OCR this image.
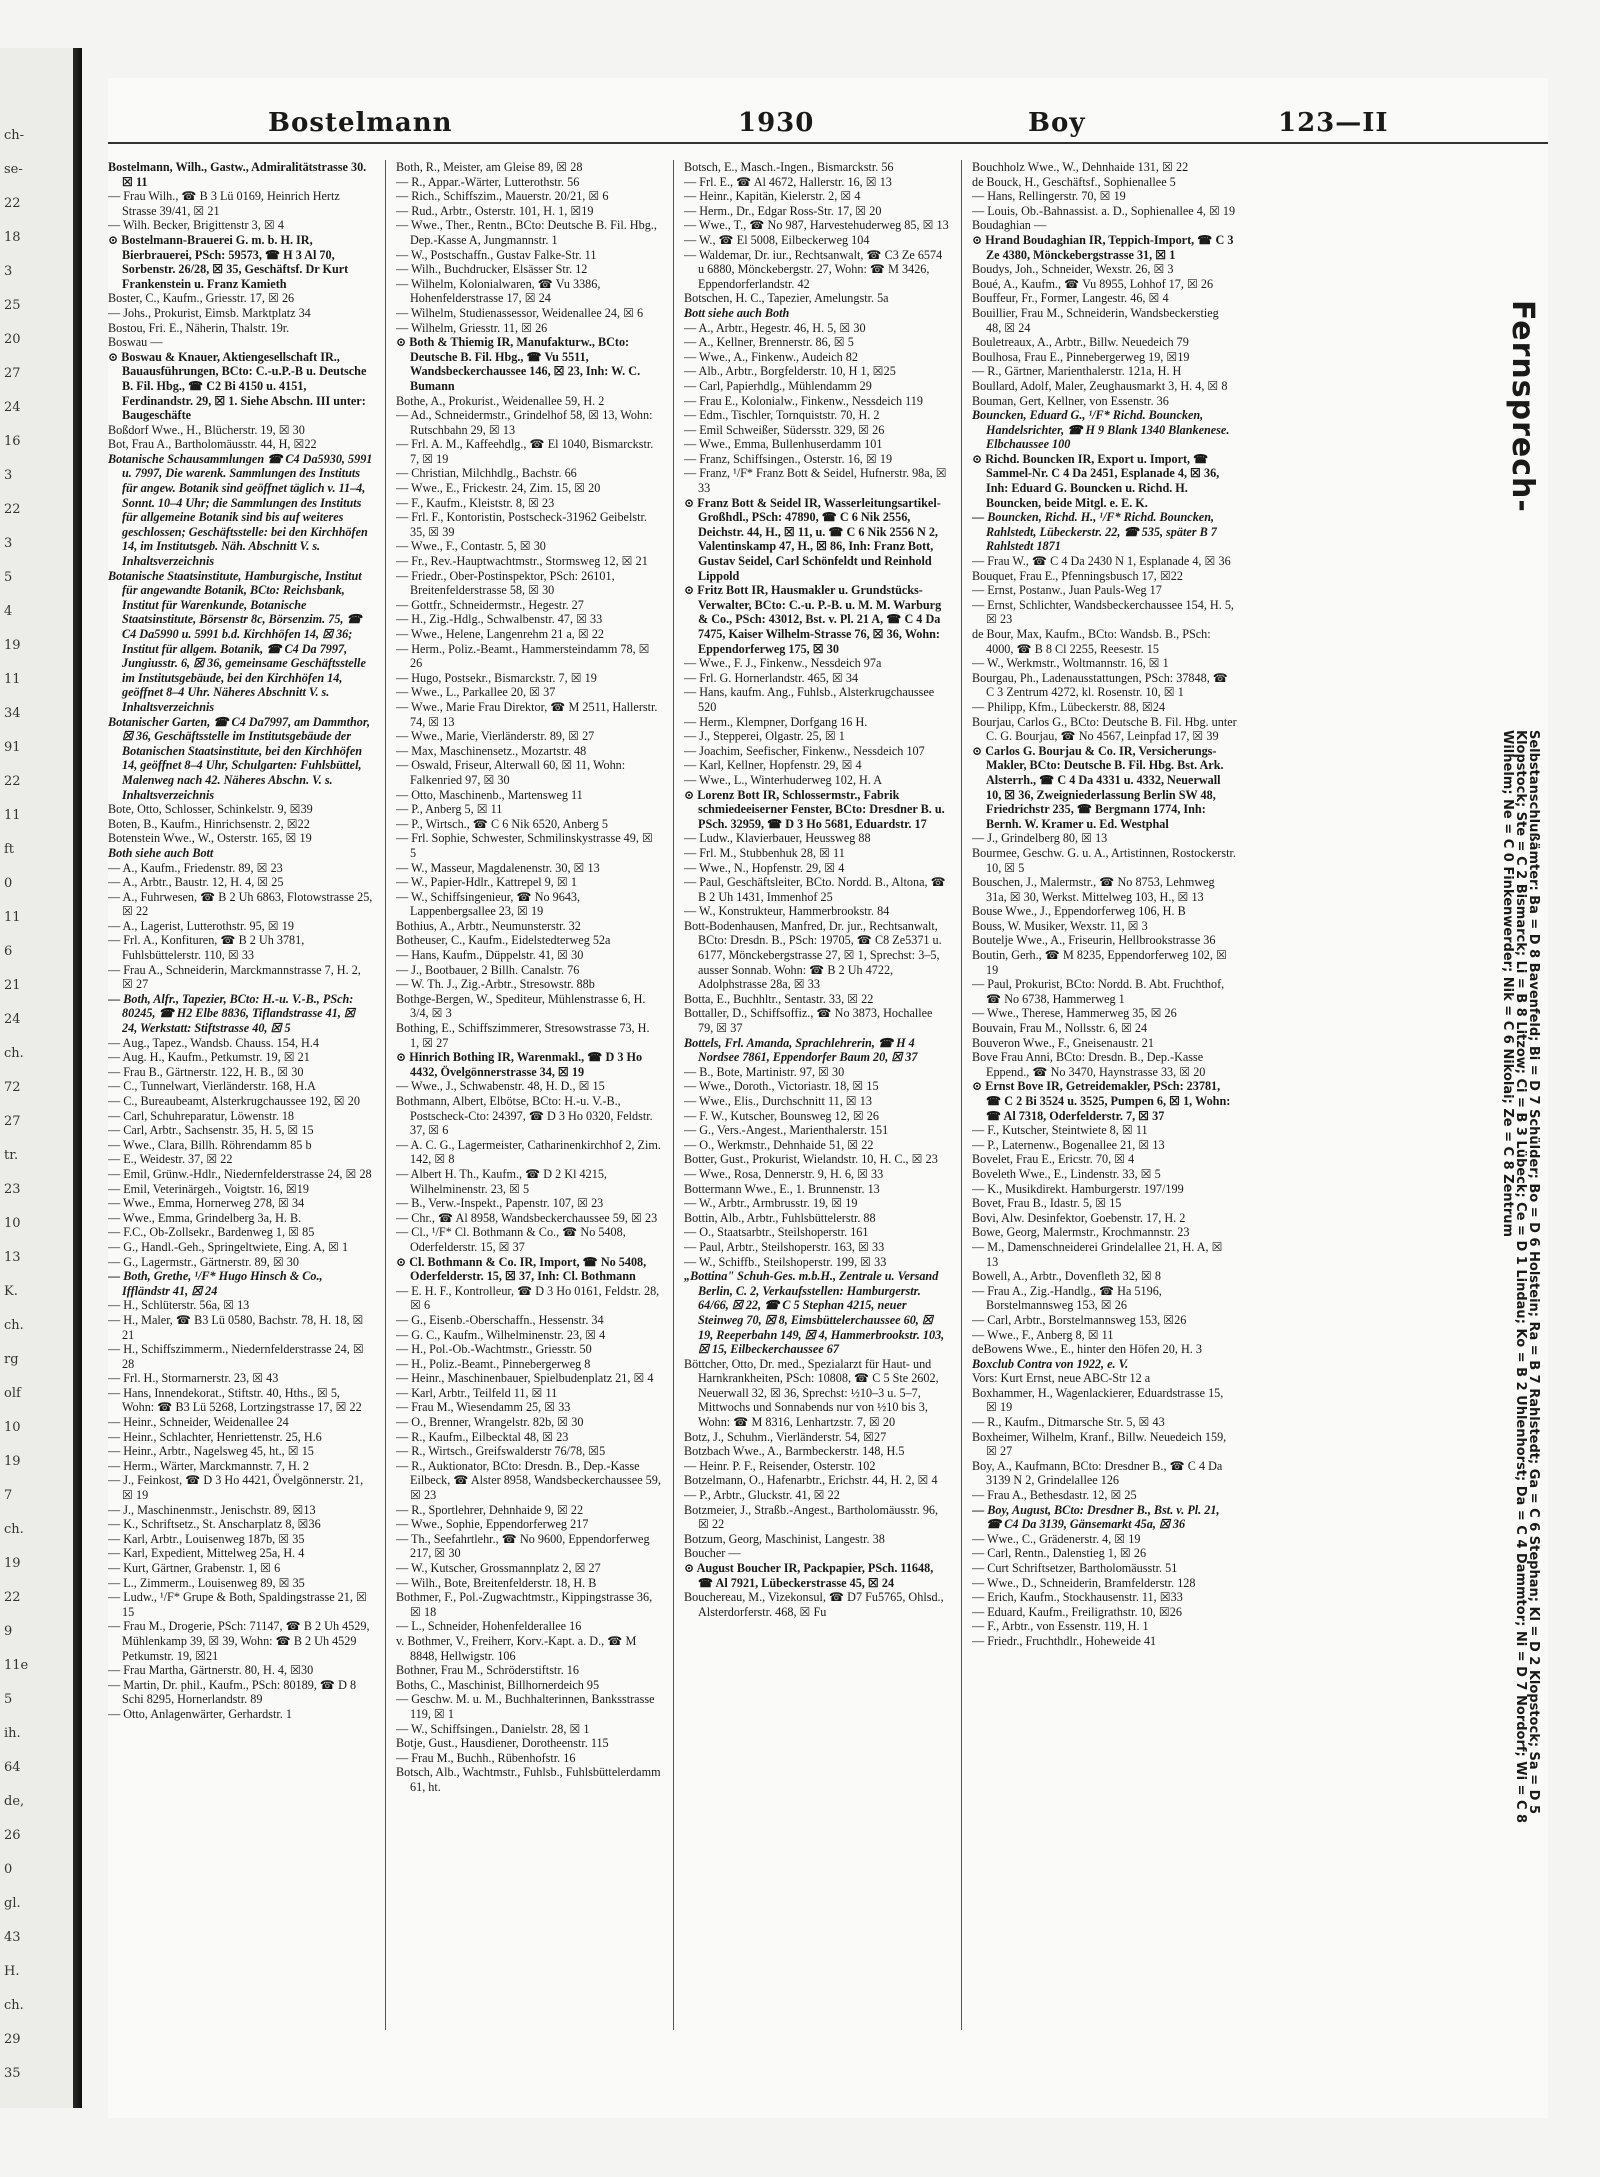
ch-
se-
22
18
3
25
20
27
24
16
3
22
3
5
4
19
11
34
91
22
11
ft
0
11
6
21
24
ch.
72
27
tr.
23
10
13
K.
ch.
rg
olf
10
19
7
ch.
19
22
9
11e
5
ih.
64
de,
26
0
gl.
43
H.
ch.
29
35
Bostelmann	1930	Boy	123—II

Bostelmann, Wilh., Gastw., Admiralitätstrasse 30. ☒ 11

— Frau Wilh., ☎ B 3 Lü 0169, Heinrich Hertz Strasse 39/41, ☒ 21

— Wilh. Becker, Brigittenstr 3, ☒ 4

⊙ Bostelmann-Brauerei G. m. b. H. IR, Bierbrauerei, PSch: 59573, ☎ H 3 Al 70, Sorbenstr. 26/28, ☒ 35, Geschäftsf. Dr Kurt Frankenstein u. Franz Kamieth

Boster, C., Kaufm., Griesstr. 17, ☒ 26

— Johs., Prokurist, Eimsb. Marktplatz 34

Bostou, Fri. E., Näherin, Thalstr. 19r.

Boswau —

⊙ Boswau & Knauer, Aktiengesellschaft IR., Bauausführungen, BCto: C.-u.P.-B u. Deutsche B. Fil. Hbg., ☎ C2 Bi 4150 u. 4151, Ferdinandstr. 29, ☒ 1. Siehe Abschn. III unter: Baugeschäfte

Boßdorf Wwe., H., Blücherstr. 19, ☒ 30

Bot, Frau A., Bartholomäusstr. 44, H, ☒22

Botanische Schausammlungen ☎ C4 Da5930, 5991 u. 7997, Die warenk. Sammlungen des Instituts für angew. Botanik sind geöffnet täglich v. 11–4, Sonnt. 10–4 Uhr; die Sammlungen des Instituts für allgemeine Botanik sind bis auf weiteres geschlossen; Geschäftsstelle: bei den Kirchhöfen 14, im Institutsgeb. Näh. Abschnitt V. s. Inhaltsverzeichnis

Botanische Staatsinstitute, Hamburgische, Institut für angewandte Botanik, BCto: Reichsbank, Institut für Warenkunde, Botanische Staatsinstitute, Börsenstr 8c, Börsenzim. 75, ☎ C4 Da5990 u. 5991 b.d. Kirchhöfen 14, ☒ 36; Institut für allgem. Botanik, ☎ C4 Da 7997, Jungiusstr. 6, ☒ 36, gemeinsame Geschäftsstelle im Institutsgebäude, bei den Kirchhöfen 14, geöffnet 8–4 Uhr. Näheres Abschnitt V. s. Inhaltsverzeichnis

Botanischer Garten, ☎ C4 Da7997, am Dammthor, ☒ 36, Geschäftsstelle im Institutsgebäude der Botanischen Staatsinstitute, bei den Kirchhöfen 14, geöffnet 8–4 Uhr, Schulgarten: Fuhlsbüttel, Malenweg nach 42. Näheres Abschn. V. s. Inhaltsverzeichnis

Bote, Otto, Schlosser, Schinkelstr. 9, ☒39

Boten, B., Kaufm., Hinrichsenstr. 2, ☒22

Botenstein Wwe., W., Osterstr. 165, ☒ 19

Both siehe auch Bott

— A., Kaufm., Friedenstr. 89, ☒ 23

— A., Arbtr., Baustr. 12, H. 4, ☒ 25

— A., Fuhrwesen, ☎ B 2 Uh 6863, Flotowstrasse 25, ☒ 22

— A., Lagerist, Lutterothstr. 95, ☒ 19

— Frl. A., Konfituren, ☎ B 2 Uh 3781, Fuhlsbüttelerstr. 110, ☒ 33

— Frau A., Schneiderin, Marckmannstrasse 7, H. 2, ☒ 27

— Both, Alfr., Tapezier, BCto: H.-u. V.-B., PSch: 80245, ☎ H2 Elbe 8836, Tiflandstrasse 41, ☒ 24, Werkstatt: Stiftstrasse 40, ☒ 5

— Aug., Tapez., Wandsb. Chauss. 154, H.4

— Aug. H., Kaufm., Petkumstr. 19, ☒ 21

— Frau B., Gärtnerstr. 122, H. B., ☒ 30

— C., Tunnelwart, Vierländerstr. 168, H.A

— C., Bureaubeamt, Alsterkrugchaussee 192, ☒ 20

— Carl, Schuhreparatur, Löwenstr. 18

— Carl, Arbtr., Sachsenstr. 35, H. 5, ☒ 15

— Wwe., Clara, Billh. Röhrendamm 85 b

— E., Weidestr. 37, ☒ 22

— Emil, Grünw.-Hdlr., Niedernfelderstrasse 24, ☒ 28

— Emil, Veterinärgeh., Voigtstr. 16, ☒19

— Wwe., Emma, Hornerweg 278, ☒ 34

— Wwe., Emma, Grindelberg 3a, H. B.

— F.C., Ob-Zollsekr., Bardenweg 1, ☒ 85

— G., Handl.-Geh., Springeltwiete, Eing. A, ☒ 1

— G., Lagermstr., Gärtnerstr. 89, ☒ 30

— Both, Grethe, ¹/F* Hugo Hinsch & Co., Iffländstr 41, ☒ 24

— H., Schlüterstr. 56a, ☒ 13

— H., Maler, ☎ B3 Lü 0580, Bachstr. 78, H. 18, ☒ 21

— H., Schiffszimmerm., Niedernfelderstrasse 24, ☒ 28

— Frl. H., Stormarnerstr. 23, ☒ 43

— Hans, Innendekorat., Stiftstr. 40, Hths., ☒ 5, Wohn: ☎ B3 Lü 5268, Lortzingstrasse 17, ☒ 22

— Heinr., Schneider, Weidenallee 24

— Heinr., Schlachter, Henriettenstr. 25, H.6

— Heinr., Arbtr., Nagelsweg 45, ht., ☒ 15

— Herm., Wärter, Marckmannstr. 7, H. 2

— J., Feinkost, ☎ D 3 Ho 4421, Övelgönnerstr. 21, ☒ 19

— J., Maschinenmstr., Jenischstr. 89, ☒13

— K., Schriftsetz., St. Anscharplatz 8, ☒36

— Karl, Arbtr., Louisenweg 187b, ☒ 35

— Karl, Expedient, Mittelweg 25a, H. 4

— Kurt, Gärtner, Grabenstr. 1, ☒ 6

— L., Zimmerm., Louisenweg 89, ☒ 35

— Ludw., ¹/F* Grupe & Both, Spaldingstrasse 21, ☒ 15

— Frau M., Drogerie, PSch: 71147, ☎ B 2 Uh 4529, Mühlenkamp 39, ☒ 39, Wohn: ☎ B 2 Uh 4529 Petkumstr. 19, ☒21

— Frau Martha, Gärtnerstr. 80, H. 4, ☒30

— Martin, Dr. phil., Kaufm., PSch: 80189, ☎ D 8 Schi 8295, Hornerlandstr. 89

— Otto, Anlagenwärter, Gerhardstr. 1

Both, R., Meister, am Gleise 89, ☒ 28

— R., Appar.-Wärter, Lutterothstr. 56

— Rich., Schiffszim., Mauerstr. 20/21, ☒ 6

— Rud., Arbtr., Osterstr. 101, H. 1, ☒19

— Wwe., Ther., Rentn., BCto: Deutsche B. Fil. Hbg., Dep.-Kasse A, Jungmannstr. 1

— W., Postschaffn., Gustav Falke-Str. 11

— Wilh., Buchdrucker, Elsässer Str. 12

— Wilhelm, Kolonialwaren, ☎ Vu 3386, Hohenfelderstrasse 17, ☒ 24

— Wilhelm, Studienassessor, Weidenallee 24, ☒ 6

— Wilhelm, Griesstr. 11, ☒ 26

⊙ Both & Thiemig IR, Manufakturw., BCto: Deutsche B. Fil. Hbg., ☎ Vu 5511, Wandsbeckerchaussee 146, ☒ 23, Inh: W. C. Bumann

Bothe, A., Prokurist., Weidenallee 59, H. 2

— Ad., Schneidermstr., Grindelhof 58, ☒ 13, Wohn: Rutschbahn 29, ☒ 13

— Frl. A. M., Kaffeehdlg., ☎ El 1040, Bismarckstr. 7, ☒ 19

— Christian, Milchhdlg., Bachstr. 66

— Wwe., E., Frickestr. 24, Zim. 15, ☒ 20

— F., Kaufm., Kleiststr. 8, ☒ 23

— Frl. F., Kontoristin, Postscheck-31962 Geibelstr. 35, ☒ 39

— Wwe., F., Contastr. 5, ☒ 30

— Fr., Rev.-Hauptwachtmstr., Stormsweg 12, ☒ 21

— Friedr., Ober-Postinspektor, PSch: 26101, Breitenfelderstrasse 58, ☒ 30

— Gottfr., Schneidermstr., Hegestr. 27

— H., Zig.-Hdlg., Schwalbenstr. 47, ☒ 33

— Wwe., Helene, Langenrehm 21 a, ☒ 22

— Herm., Poliz.-Beamt., Hammersteindamm 78, ☒ 26

— Hugo, Postsekr., Bismarckstr. 7, ☒ 19

— Wwe., L., Parkallee 20, ☒ 37

— Wwe., Marie Frau Direktor, ☎ M 2511, Hallerstr. 74, ☒ 13

— Wwe., Marie, Vierländerstr. 89, ☒ 27

— Max, Maschinensetz., Mozartstr. 48

— Oswald, Friseur, Alterwall 60, ☒ 11, Wohn: Falkenried 97, ☒ 30

— Otto, Maschinenb., Martensweg 11

— P., Anberg 5, ☒ 11

— P., Wirtsch., ☎ C 6 Nik 6520, Anberg 5

— Frl. Sophie, Schwester, Schmilinskystrasse 49, ☒ 5

— W., Masseur, Magdalenenstr. 30, ☒ 13

— W., Papier-Hdlr., Kattrepel 9, ☒ 1

— W., Schiffsingenieur, ☎ No 9643, Lappenbergsallee 23, ☒ 19

Bothius, A., Arbtr., Neumunsterstr. 32

Botheuser, C., Kaufm., Eidelstedterweg 52a

— Hans, Kaufm., Düppelstr. 41, ☒ 30

— J., Bootbauer, 2 Billh. Canalstr. 76

— W. Th. J., Zig.-Arbtr., Stresowstr. 88b

Bothge-Bergen, W., Spediteur, Mühlenstrasse 6, H. 3/4, ☒ 3

Bothing, E., Schiffszimmerer, Stresowstrasse 73, H. 1, ☒ 27

⊙ Hinrich Bothing IR, Warenmakl., ☎ D 3 Ho 4432, Övelgönnerstrasse 34, ☒ 19

— Wwe., J., Schwabenstr. 48, H. D., ☒ 15

Bothmann, Albert, Elbötse, BCto: H.-u. V.-B., Postscheck-Cto: 24397, ☎ D 3 Ho 0320, Feldstr. 37, ☒ 6

— A. C. G., Lagermeister, Catharinenkirchhof 2, Zim. 142, ☒ 8

— Albert H. Th., Kaufm., ☎ D 2 Kl 4215, Wilhelminenstr. 23, ☒ 5

— B., Verw.-Inspekt., Papenstr. 107, ☒ 23

— Chr., ☎ Al 8958, Wandsbeckerchaussee 59, ☒ 23

— Cl., ¹/F* Cl. Bothmann & Co., ☎ No 5408, Oderfelderstr. 15, ☒ 37

⊙ Cl. Bothmann & Co. IR, Import, ☎ No 5408, Oderfelderstr. 15, ☒ 37, Inh: Cl. Bothmann

— E. H. F., Kontrolleur, ☎ D 3 Ho 0161, Feldstr. 28, ☒ 6

— G., Eisenb.-Oberschaffn., Hessenstr. 34

— G. C., Kaufm., Wilhelminenstr. 23, ☒ 4

— H., Pol.-Ob.-Wachtmstr., Griesstr. 50

— H., Poliz.-Beamt., Pinnebergerweg 8

— Heinr., Maschinenbauer, Spielbudenplatz 21, ☒ 4

— Karl, Arbtr., Teilfeld 11, ☒ 11

— Frau M., Wiesendamm 25, ☒ 33

— O., Brenner, Wrangelstr. 82b, ☒ 30

— R., Kaufm., Eilbecktal 48, ☒ 23

— R., Wirtsch., Greifswalderstr 76/78, ☒5

— R., Auktionator, BCto: Dresdn. B., Dep.-Kasse Eilbeck, ☎ Alster 8958, Wandsbeckerchaussee 59, ☒ 23

— R., Sportlehrer, Dehnhaide 9, ☒ 22

— Wwe., Sophie, Eppendorferweg 217

— Th., Seefahrtlehr., ☎ No 9600, Eppendorferweg 217, ☒ 30

— W., Kutscher, Grossmannplatz 2, ☒ 27

— Wilh., Bote, Breitenfelderstr. 18, H. B

Bothmer, F., Pol.-Zugwachtmstr., Kippingstrasse 36, ☒ 18

— L., Schneider, Hohenfelderallee 16

v. Bothmer, V., Freiherr, Korv.-Kapt. a. D., ☎ M 8848, Hellwigstr. 106

Bothner, Frau M., Schröderstiftstr. 16

Boths, C., Maschinist, Billhornerdeich 95

— Geschw. M. u. M., Buchhalterinnen, Banksstrasse 119, ☒ 1

— W., Schiffsingen., Danielstr. 28, ☒ 1

Botje, Gust., Hausdiener, Dorotheenstr. 115

— Frau M., Buchh., Rübenhofstr. 16

Botsch, Alb., Wachtmstr., Fuhlsb., Fuhlsbüttelerdamm 61, ht.

Botsch, E., Masch.-Ingen., Bismarckstr. 56

— Frl. E., ☎ Al 4672, Hallerstr. 16, ☒ 13

— Heinr., Kapitän, Kielerstr. 2, ☒ 4

— Herm., Dr., Edgar Ross-Str. 17, ☒ 20

— Wwe., T., ☎ No 987, Harvestehuderweg 85, ☒ 13

— W., ☎ El 5008, Eilbeckerweg 104

— Waldemar, Dr. iur., Rechtsanwalt, ☎ C3 Ze 6574 u 6880, Mönckebergstr. 27, Wohn: ☎ M 3426, Eppendorferlandstr. 42

Botschen, H. C., Tapezier, Amelungstr. 5a

Bott siehe auch Both

— A., Arbtr., Hegestr. 46, H. 5, ☒ 30

— A., Kellner, Brennerstr. 86, ☒ 5

— Wwe., A., Finkenw., Audeich 82

— Alb., Arbtr., Borgfelderstr. 10, H 1, ☒25

— Carl, Papierhdlg., Mühlendamm 29

— Frau E., Kolonialw., Finkenw., Nessdeich 119

— Edm., Tischler, Tornquiststr. 70, H. 2

— Emil Schweißer, Südersstr. 329, ☒ 26

— Wwe., Emma, Bullenhuserdamm 101

— Franz, Schiffsingen., Osterstr. 16, ☒ 19

— Franz, ¹/F* Franz Bott & Seidel, Hufnerstr. 98a, ☒ 33

⊙ Franz Bott & Seidel IR, Wasserleitungsartikel-Großhdl., PSch: 47890, ☎ C 6 Nik 2556, Deichstr. 44, H., ☒ 11, u. ☎ C 6 Nik 2556 N 2, Valentinskamp 47, H., ☒ 86, Inh: Franz Bott, Gustav Seidel, Carl Schönfeldt und Reinhold Lippold

⊙ Fritz Bott IR, Hausmakler u. Grundstücks-Verwalter, BCto: C.-u. P.-B. u. M. M. Warburg & Co., PSch: 43012, Bst. v. Pl. 21 A, ☎ C 4 Da 7475, Kaiser Wilhelm-Strasse 76, ☒ 36, Wohn: Eppendorferweg 175, ☒ 30

— Wwe., F. J., Finkenw., Nessdeich 97a

— Frl. G. Hornerlandstr. 465, ☒ 34

— Hans, kaufm. Ang., Fuhlsb., Alsterkrugchaussee 520

— Herm., Klempner, Dorfgang 16 H.

— J., Stepperei, Olgastr. 25, ☒ 1

— Joachim, Seefischer, Finkenw., Nessdeich 107

— Karl, Kellner, Hopfenstr. 29, ☒ 4

— Wwe., L., Winterhuderweg 102, H. A

⊙ Lorenz Bott IR, Schlossermstr., Fabrik schmiedeeiserner Fenster, BCto: Dresdner B. u. PSch. 32959, ☎ D 3 Ho 5681, Eduardstr. 17

— Ludw., Klavierbauer, Heussweg 88

— Frl. M., Stubbenhuk 28, ☒ 11

— Wwe., N., Hopfenstr. 29, ☒ 4

— Paul, Geschäftsleiter, BCto. Nordd. B., Altona, ☎ B 2 Uh 1431, Immenhof 25

— W., Konstrukteur, Hammerbrookstr. 84

Bott-Bodenhausen, Manfred, Dr. jur., Rechtsanwalt, BCto: Dresdn. B., PSch: 19705, ☎ C8 Ze5371 u. 6177, Mönckebergstrasse 27, ☒ 1, Sprechst: 3–5, ausser Sonnab. Wohn: ☎ B 2 Uh 4722, Adolphstrasse 28a, ☒ 33

Botta, E., Buchhltr., Sentastr. 33, ☒ 22

Bottaller, D., Schiffsoffiz., ☎ No 3873, Hochallee 79, ☒ 37

Bottels, Frl. Amanda, Sprachlehrerin, ☎ H 4 Nordsee 7861, Eppendorfer Baum 20, ☒ 37

— B., Bote, Martinistr. 97, ☒ 30

— Wwe., Doroth., Victoriastr. 18, ☒ 15

— Wwe., Elis., Durchschnitt 11, ☒ 13

— F. W., Kutscher, Bounsweg 12, ☒ 26

— G., Vers.-Angest., Marienthalerstr. 151

— O., Werkmstr., Dehnhaide 51, ☒ 22

Botter, Gust., Prokurist, Wielandstr. 10, H. C., ☒ 23

— Wwe., Rosa, Dennerstr. 9, H. 6, ☒ 33

Bottermann Wwe., E., 1. Brunnenstr. 13

— W., Arbtr., Armbrusstr. 19, ☒ 19

Bottin, Alb., Arbtr., Fuhlsbüttelerstr. 88

— O., Staatsarbtr., Steilshoperstr. 161

— Paul, Arbtr., Steilshoperstr. 163, ☒ 33

— W., Schiffb., Steilshoperstr. 199, ☒ 33

„Bottina" Schuh-Ges. m.b.H., Zentrale u. Versand Berlin, C. 2, Verkaufsstellen: Hamburgerstr. 64/66, ☒ 22, ☎ C 5 Stephan 4215, neuer Steinweg 70, ☒ 8, Eimsbüttelerchaussee 60, ☒ 19, Reeperbahn 149, ☒ 4, Hammerbrookstr. 103, ☒ 15, Eilbeckerchaussee 67

Böttcher, Otto, Dr. med., Spezialarzt für Haut- und Harnkrankheiten, PSch: 10808, ☎ C 5 Ste 2602, Neuerwall 32, ☒ 36, Sprechst: ½10–3 u. 5–7, Mittwochs und Sonnabends nur von ½10 bis 3, Wohn: ☎ M 8316, Lenhartzstr. 7, ☒ 20

Botz, J., Schuhm., Vierländerstr. 54, ☒27

Botzbach Wwe., A., Barmbeckerstr. 148, H.5

— Heinr. P. F., Reisender, Osterstr. 102

Botzelmann, O., Hafenarbtr., Erichstr. 44, H. 2, ☒ 4

— P., Arbtr., Gluckstr. 41, ☒ 22

Botzmeier, J., Straßb.-Angest., Bartholomäusstr. 96, ☒ 22

Botzum, Georg, Maschinist, Langestr. 38

Boucher —

⊙ August Boucher IR, Packpapier, PSch. 11648, ☎ Al 7921, Lübeckerstrasse 45, ☒ 24

Bouchereau, M., Vizekonsul, ☎ D7 Fu5765, Ohlsd., Alsterdorferstr. 468, ☒ Fu

Bouchholz Wwe., W., Dehnhaide 131, ☒ 22

de Bouck, H., Geschäftsf., Sophienallee 5

— Hans, Rellingerstr. 70, ☒ 19

— Louis, Ob.-Bahnassist. a. D., Sophienallee 4, ☒ 19

Boudaghian —

⊙ Hrand Boudaghian IR, Teppich-Import, ☎ C 3 Ze 4380, Mönckebergstrasse 31, ☒ 1

Boudys, Joh., Schneider, Wexstr. 26, ☒ 3

Boué, A., Kaufm., ☎ Vu 8955, Lohhof 17, ☒ 26

Bouffeur, Fr., Former, Langestr. 46, ☒ 4

Bouillier, Frau M., Schneiderin, Wandsbeckerstieg 48, ☒ 24

Bouletreaux, A., Arbtr., Billw. Neuedeich 79

Boulhosa, Frau E., Pinnebergerweg 19, ☒19

— R., Gärtner, Marienthalerstr. 121a, H. H

Boullard, Adolf, Maler, Zeughausmarkt 3, H. 4, ☒ 8

Bouman, Gert, Kellner, von Essenstr. 36

Bouncken, Eduard G., ¹/F* Richd. Bouncken, Handelsrichter, ☎ H 9 Blank 1340 Blankenese. Elbchaussee 100

⊙ Richd. Bouncken IR, Export u. Import, ☎ Sammel-Nr. C 4 Da 2451, Esplanade 4, ☒ 36, Inh: Eduard G. Bouncken u. Richd. H. Bouncken, beide Mitgl. e. E. K.

— Bouncken, Richd. H., ¹/F* Richd. Bouncken, Rahlstedt, Lübeckerstr. 22, ☎ 535, später B 7 Rahlstedt 1871

— Frau W., ☎ C 4 Da 2430 N 1, Esplanade 4, ☒ 36

Bouquet, Frau E., Pfenningsbusch 17, ☒22

— Ernst, Postanw., Juan Pauls-Weg 17

— Ernst, Schlichter, Wandsbeckerchaussee 154, H. 5, ☒ 23

de Bour, Max, Kaufm., BCto: Wandsb. B., PSch: 4000, ☎ B 8 Cl 2255, Reesestr. 15

— W., Werkmstr., Woltmannstr. 16, ☒ 1

Bourgau, Ph., Ladenausstattungen, PSch: 37848, ☎ C 3 Zentrum 4272, kl. Rosenstr. 10, ☒ 1

— Philipp, Kfm., Lübeckerstr. 88, ☒24

Bourjau, Carlos G., BCto: Deutsche B. Fil. Hbg. unter C. G. Bourjau, ☎ No 4567, Leinpfad 17, ☒ 39

⊙ Carlos G. Bourjau & Co. IR, Versicherungs-Makler, BCto: Deutsche B. Fil. Hbg. Bst. Ark. Alsterrh., ☎ C 4 Da 4331 u. 4332, Neuerwall 10, ☒ 36, Zweigniederlassung Berlin SW 48, Friedrichstr 235, ☎ Bergmann 1774, Inh: Bernh. W. Kramer u. Ed. Westphal

— J., Grindelberg 80, ☒ 13

Bourmee, Geschw. G. u. A., Artistinnen, Rostockerstr. 10, ☒ 5

Bouschen, J., Malermstr., ☎ No 8753, Lehmweg 31a, ☒ 30, Werkst. Mittelweg 103, H., ☒ 13

Bouse Wwe., J., Eppendorferweg 106, H. B

Bouss, W. Musiker, Wexstr. 11, ☒ 3

Boutelje Wwe., A., Friseurin, Hellbrookstrasse 36

Boutin, Gerh., ☎ M 8235, Eppendorferweg 102, ☒ 19

— Paul, Prokurist, BCto: Nordd. B. Abt. Fruchthof, ☎ No 6738, Hammerweg 1

— Wwe., Therese, Hammerweg 35, ☒ 26

Bouvain, Frau M., Nollsstr. 6, ☒ 24

Bouveron Wwe., F., Gneisenaustr. 21

Bove Frau Anni, BCto: Dresdn. B., Dep.-Kasse Eppend., ☎ No 3470, Haynstrasse 33, ☒ 20

⊙ Ernst Bove IR, Getreidemakler, PSch: 23781, ☎ C 2 Bi 3524 u. 3525, Pumpen 6, ☒ 1, Wohn: ☎ Al 7318, Oderfelderstr. 7, ☒ 37

— F., Kutscher, Steintwiete 8, ☒ 11

— P., Laternenw., Bogenallee 21, ☒ 13

Bovelet, Frau E., Ericstr. 70, ☒ 4

Boveleth Wwe., E., Lindenstr. 33, ☒ 5

— K., Musikdirekt. Hamburgerstr. 197/199

Bovet, Frau B., Idastr. 5, ☒ 15

Bovi, Alw. Desinfektor, Goebenstr. 17, H. 2

Bowe, Georg, Malermstr., Krochmannstr. 23

— M., Damenschneiderei Grindelallee 21, H. A, ☒ 13

Bowell, A., Arbtr., Dovenfleth 32, ☒ 8

— Frau A., Zig.-Handlg., ☎ Ha 5196, Borstelmannsweg 153, ☒ 26

— Carl, Arbtr., Borstelmannsweg 153, ☒26

— Wwe., F., Anberg 8, ☒ 11

deBowens Wwe., E., hinter den Höfen 20, H. 3

Boxclub Contra von 1922, e. V.

Vors: Kurt Ernst, neue ABC-Str 12 a

Boxhammer, H., Wagenlackierer, Eduardstrasse 15, ☒ 19

— R., Kaufm., Ditmarsche Str. 5, ☒ 43

Boxheimer, Wilhelm, Kranf., Billw. Neuedeich 159, ☒ 27

Boy, A., Kaufmann, BCto: Dresdner B., ☎ C 4 Da 3139 N 2, Grindelallee 126

— Frau A., Bethesdastr. 12, ☒ 25

— Boy, August, BCto: Dresdner B., Bst. v. Pl. 21, ☎ C4 Da 3139, Gänsemarkt 45a, ☒ 36

— Wwe., C., Grädenerstr. 4, ☒ 19

— Carl, Rentn., Dalenstieg 1, ☒ 26

— Curt Schriftsetzer, Bartholomäusstr. 51

— Wwe., D., Schneiderin, Bramfelderstr. 128

— Erich, Kaufm., Stockhausenstr. 11, ☒33

— Eduard, Kaufm., Freiligrathstr. 10, ☒26

— F., Arbtr., von Essenstr. 119, H. 1

— Friedr., Fruchthdlr., Hoheweide 41

Fernsprech-
Selbstanschlußämter: Ba = D 8 Bavenfeld; Bi = D 7 Schülder; Bo = D 6 Holstein; Ra = B 7 Rahlstedt; Ga = C 6 Stephan; Kl = D 2 Klopstock; Sa = D 5 Klopstock; Ste = C 2 Bismarck; Li = B 8 Litzow; Ci = B 3 Lübeck; Ce = D 1 Lindau; Ko = B 2 Uhlenhorst; Da = C 4 Dammtor; Ni = D 7 Nordorf; Wi = C 8 Wilhelm; Ne = C 0 Finkenwerder; Nik = C 6 Nikolai; Ze = C 8 Zentrum
